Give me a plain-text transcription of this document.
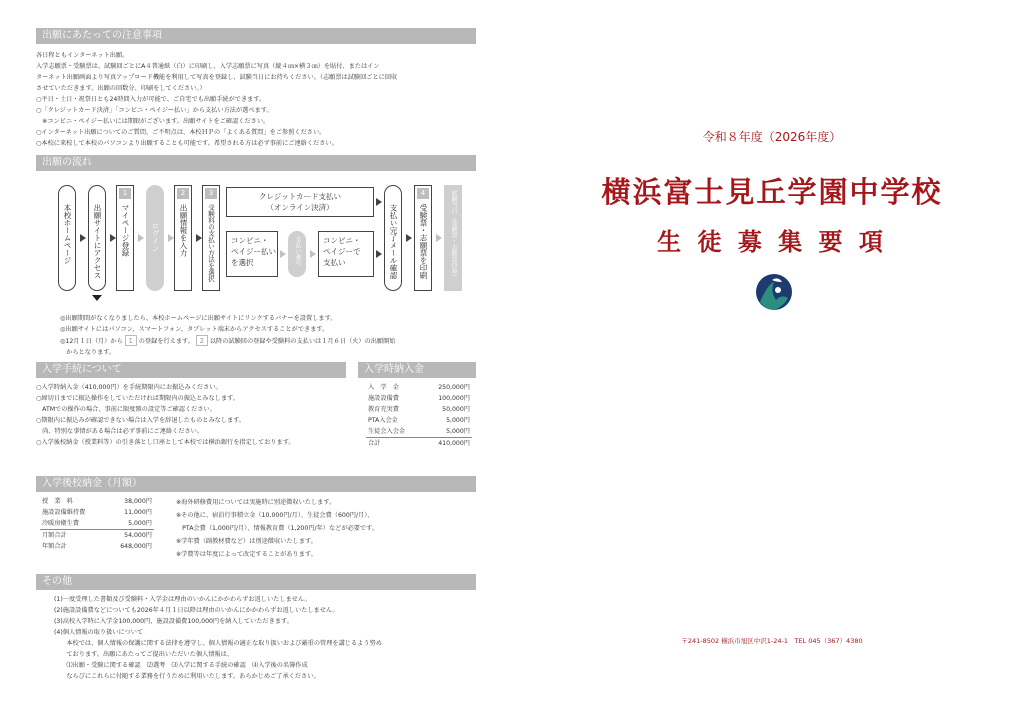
出願にあたっての注意事項

各日程ともインターネット出願。

入学志願票・受験票は、試験回ごとにA４普通紙（白）に印刷し、入学志願票に写真（縦４㎝×横３㎝）を貼付、またはイン

ターネット出願画面より写真アップロード機能を利用して写真を登録し、試験当日にお持ちください。（志願票は試験回ごとに回収

させていただきます。出願の回数分、印刷をしてください。）

○平日・土日・祝祭日とも24時間入力が可能で、ご自宅でも出願手続ができます。

○「クレジットカード決済」「コンビニ・ペイジー払い」から支払い方法が選べます。

　※コンビニ・ペイジー払いには期限がございます。出願サイトをご確認ください。

○インターネット出願についてのご質問、ご不明点は、本校ＨＰの「よくある質問」をご参照ください。

○本校に来校して本校のパソコンより出願することも可能です。希望される方は必ず事前にご連絡ください。

出願の流れ
本校ホームページ	出願サイトにアクセス
1
マイページ登録	ログイン
2
出願情報を入力
3
受験料の支払い方法を選択
クレジットカード支払い
（オンライン決済）
コンビニ・
ペイジー払い
を選択	支払い番号	コンビニ・
ペイジーで
支払い	支払い完了メール確認
4
受験票・志願票を印刷	試験当日（受験票・志願票持参）

◎出願期間がなくなりましたら、本校ホームページに出願サイトにリンクするバナーを設置します。

◎出願サイトにはパソコン、スマートフォン、タブレット端末からアクセスすることができます。

◎12月１日（月）から 1 の登録を行えます。 2 以降の試験回の登録や受験料の支払いは１月６日（火）の出願開始

　からとなります。

入学手続について

○入学時納入金（410,000円）を手続期限内にお振込みください。

○締切日までに振込操作をしていただければ期限内の振込とみなします。

　ATMでの操作の場合、事前に限度額の設定等ご確認ください。

○期限内に振込みが確認できない場合は入学を辞退したものとみなします。

　尚、特別な事情がある場合は必ず事前にご連絡ください。

○入学後校納金（授業料等）の引き落とし口座として本校では横浜銀行を指定しております。

入学時納入金
入　学　金	250,000円
施設設備費	100,000円
教育充実費	50,000円
PTA入会金	5,000円
生徒会入会金	5,000円
合計	410,000円
入学後校納金（月額）
授　業　料	38,000円
施設設備維持費	11,000円
冷暖房衛生費	5,000円
月額合計	54,000円
年額合計	648,000円

※海外研修費用については実施時に別途徴収いたします。

※その他に、宿泊行事積立金（10,000円/月）、生徒会費（600円/月）、

　PTA会費（1,000円/月）、情報教育費（1,200円/年）などが必要です。

※学年費（副教材費など）は別途徴収いたします。

※学費等は年度によって改定することがあります。

その他

(1)一度受理した書類及び受験料・入学金は理由のいかんにかかわらずお返しいたしません。

(2)施設設備費などについても2026年４月１日以降は理由のいかんにかかわらずお返しいたしません。

(3)高校入学時に入学金100,000円、施設設備費100,000円を納入していただきます。

(4)個人情報の取り扱いについて

　　本校では、個人情報の保護に関する法律を遵守し、個人情報の適正な取り扱いおよび厳重の管理を講じるよう努め

　　ております。出願にあたってご提出いただいた個人情報は、

　　⑴出願・受験に関する確認　⑵選考　⑶入学に関する手続の確認　⑷入学後の名簿作成

　　ならびにこれらに付随する業務を行うために利用いたします。あらかじめご了承ください。

令和８年度（2026年度）
横浜富士見丘学園中学校
生 徒 募 集 要 項
〒241-8502 横浜市旭区中沢1-24-1　TEL 045（367）4380
